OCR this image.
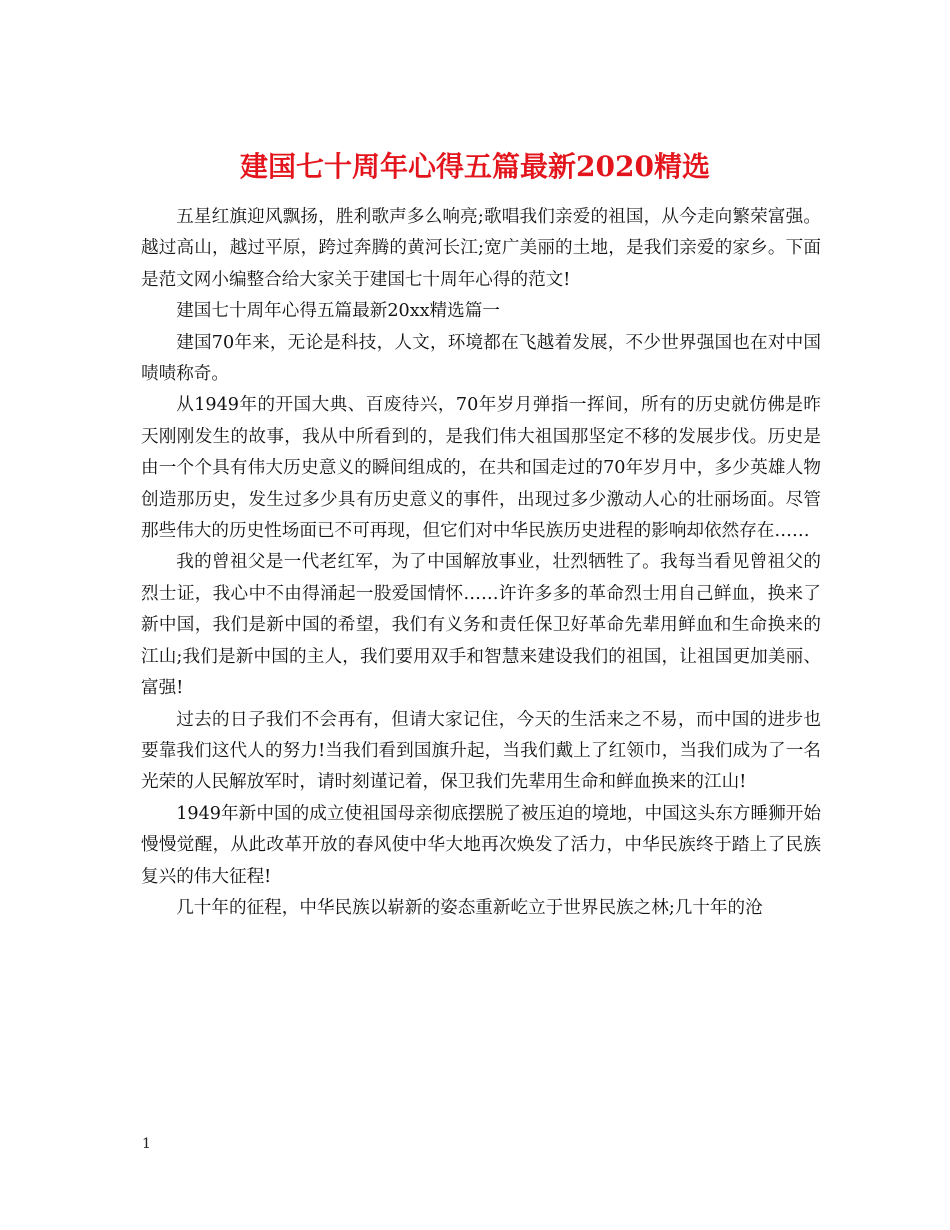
建国七十周年心得五篇最新2020精选

五星红旗迎风飘扬，胜利歌声多么响亮;歌唱我们亲爱的祖国，从今走向繁荣富强。越过高山，越过平原，跨过奔腾的黄河长江;宽广美丽的土地，是我们亲爱的家乡。下面是范文网小编整合给大家关于建国七十周年心得的范文!

建国七十周年心得五篇最新20xx精选篇一

建国70年来，无论是科技，人文，环境都在飞越着发展，不少世界强国也在对中国啧啧称奇。

从1949年的开国大典、百废待兴，70年岁月弹指一挥间，所有的历史就仿佛是昨天刚刚发生的故事，我从中所看到的，是我们伟大祖国那坚定不移的发展步伐。历史是由一个个具有伟大历史意义的瞬间组成的，在共和国走过的70年岁月中，多少英雄人物创造那历史，发生过多少具有历史意义的事件，出现过多少激动人心的壮丽场面。尽管那些伟大的历史性场面已不可再现，但它们对中华民族历史进程的影响却依然存在……

我的曾祖父是一代老红军，为了中国解放事业，壮烈牺牲了。我每当看见曾祖父的烈士证，我心中不由得涌起一股爱国情怀……许许多多的革命烈士用自己鲜血，换来了新中国，我们是新中国的希望，我们有义务和责任保卫好革命先辈用鲜血和生命换来的江山;我们是新中国的主人，我们要用双手和智慧来建设我们的祖国，让祖国更加美丽、富强!

过去的日子我们不会再有，但请大家记住，今天的生活来之不易，而中国的进步也要靠我们这代人的努力!当我们看到国旗升起，当我们戴上了红领巾，当我们成为了一名光荣的人民解放军时，请时刻谨记着，保卫我们先辈用生命和鲜血换来的江山!

1949年新中国的成立使祖国母亲彻底摆脱了被压迫的境地，中国这头东方睡狮开始慢慢觉醒，从此改革开放的春风使中华大地再次焕发了活力，中华民族终于踏上了民族复兴的伟大征程!

几十年的征程，中华民族以崭新的姿态重新屹立于世界民族之林;几十年的沧

1
